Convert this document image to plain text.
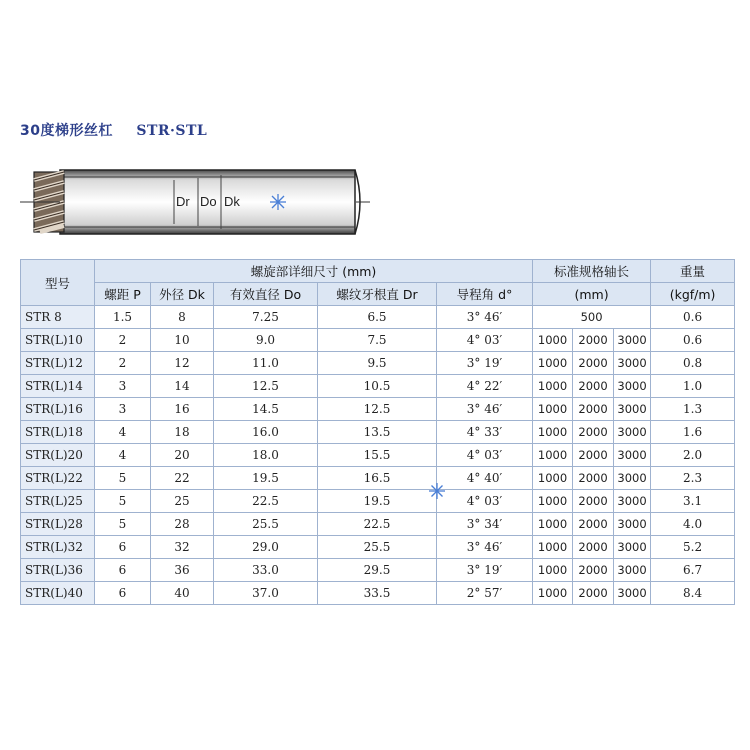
30度梯形丝杠 STR·STL
Dr Do Dk
型号	螺旋部详细尺寸 (mm)					标准规格轴长			重量
	螺距 P	外径 Dk	有效直径 Do	螺纹牙根直 Dr	导程角 d°	(mm)			(kgf/m)
STR 8	1.5	8	7.25	6.5	3° 46′	500			0.6
STR(L)10	2	10	9.0	7.5	4° 03′	1000	2000	3000	0.6
STR(L)12	2	12	11.0	9.5	3° 19′	1000	2000	3000	0.8
STR(L)14	3	14	12.5	10.5	4° 22′	1000	2000	3000	1.0
STR(L)16	3	16	14.5	12.5	3° 46′	1000	2000	3000	1.3
STR(L)18	4	18	16.0	13.5	4° 33′	1000	2000	3000	1.6
STR(L)20	4	20	18.0	15.5	4° 03′	1000	2000	3000	2.0
STR(L)22	5	22	19.5	16.5	4° 40′	1000	2000	3000	2.3
STR(L)25	5	25	22.5	19.5	4° 03′	1000	2000	3000	3.1
STR(L)28	5	28	25.5	22.5	3° 34′	1000	2000	3000	4.0
STR(L)32	6	32	29.0	25.5	3° 46′	1000	2000	3000	5.2
STR(L)36	6	36	33.0	29.5	3° 19′	1000	2000	3000	6.7
STR(L)40	6	40	37.0	33.5	2° 57′	1000	2000	3000	8.4
